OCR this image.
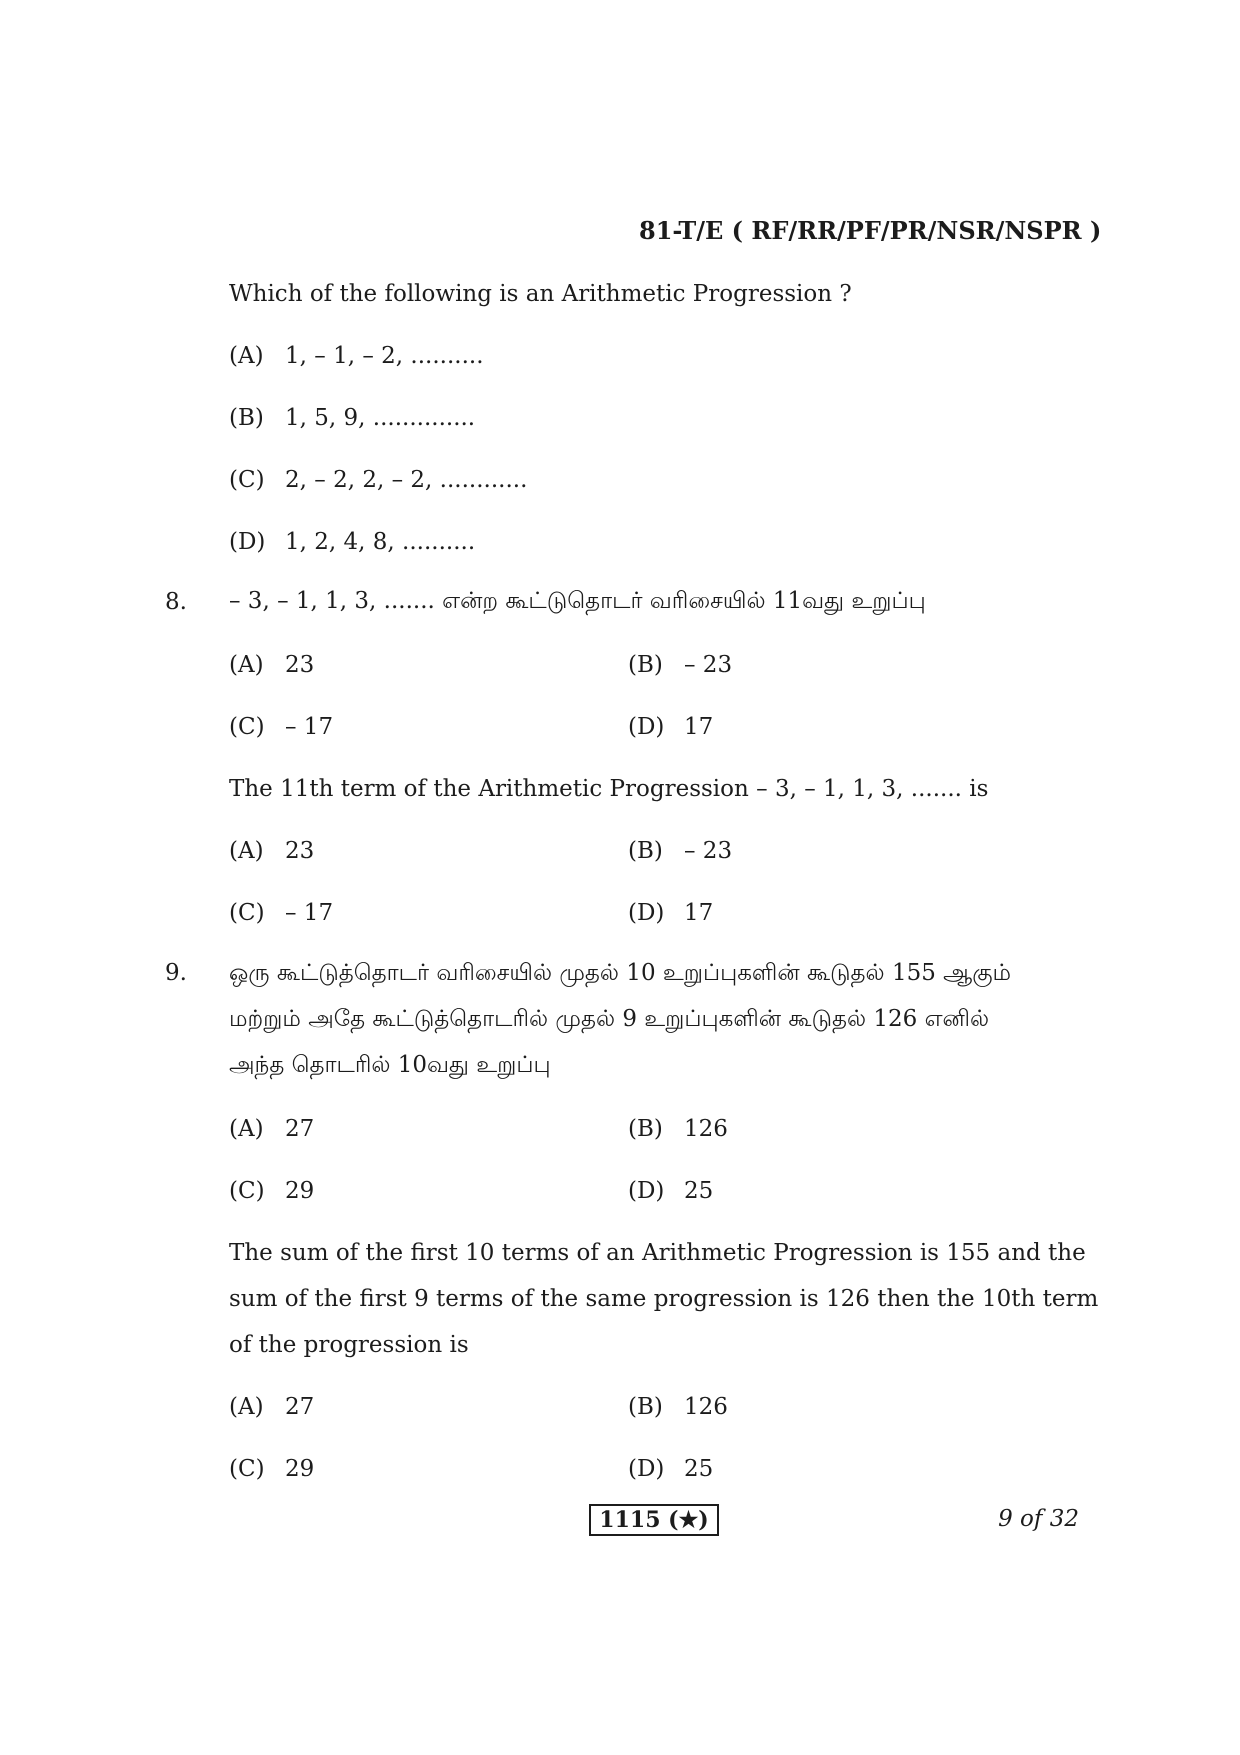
81-T/E ( RF/RR/PF/PR/NSR/NSPR )
Which of the following is an Arithmetic Progression ?
(A) 1, – 1, – 2, ..........
(B) 1, 5, 9, ..............
(C) 2, – 2, 2, – 2, ............
(D) 1, 2, 4, 8, ..........
8. – 3, – 1, 1, 3, ....... என்ற கூட்டுதொடர் வரிசையில் 11வது உறுப்பு
(A) 23	(B) – 23
(C) – 17	(D) 17
The 11th term of the Arithmetic Progression – 3, – 1, 1, 3, ....... is
(A) 23	(B) – 23
(C) – 17	(D) 17
9. ஒரு கூட்டுத்தொடர் வரிசையில் முதல் 10 உறுப்புகளின் கூடுதல் 155 ஆகும்
மற்றும் அதே கூட்டுத்தொடரில் முதல் 9 உறுப்புகளின் கூடுதல் 126 எனில்
அந்த தொடரில் 10வது உறுப்பு
(A) 27	(B) 126
(C) 29	(D) 25
The sum of the first 10 terms of an Arithmetic Progression is 155 and the
sum of the first 9 terms of the same progression is 126 then the 10th term
of the progression is
(A) 27	(B) 126
(C) 29	(D) 25
1115 (★)	9 of 32
